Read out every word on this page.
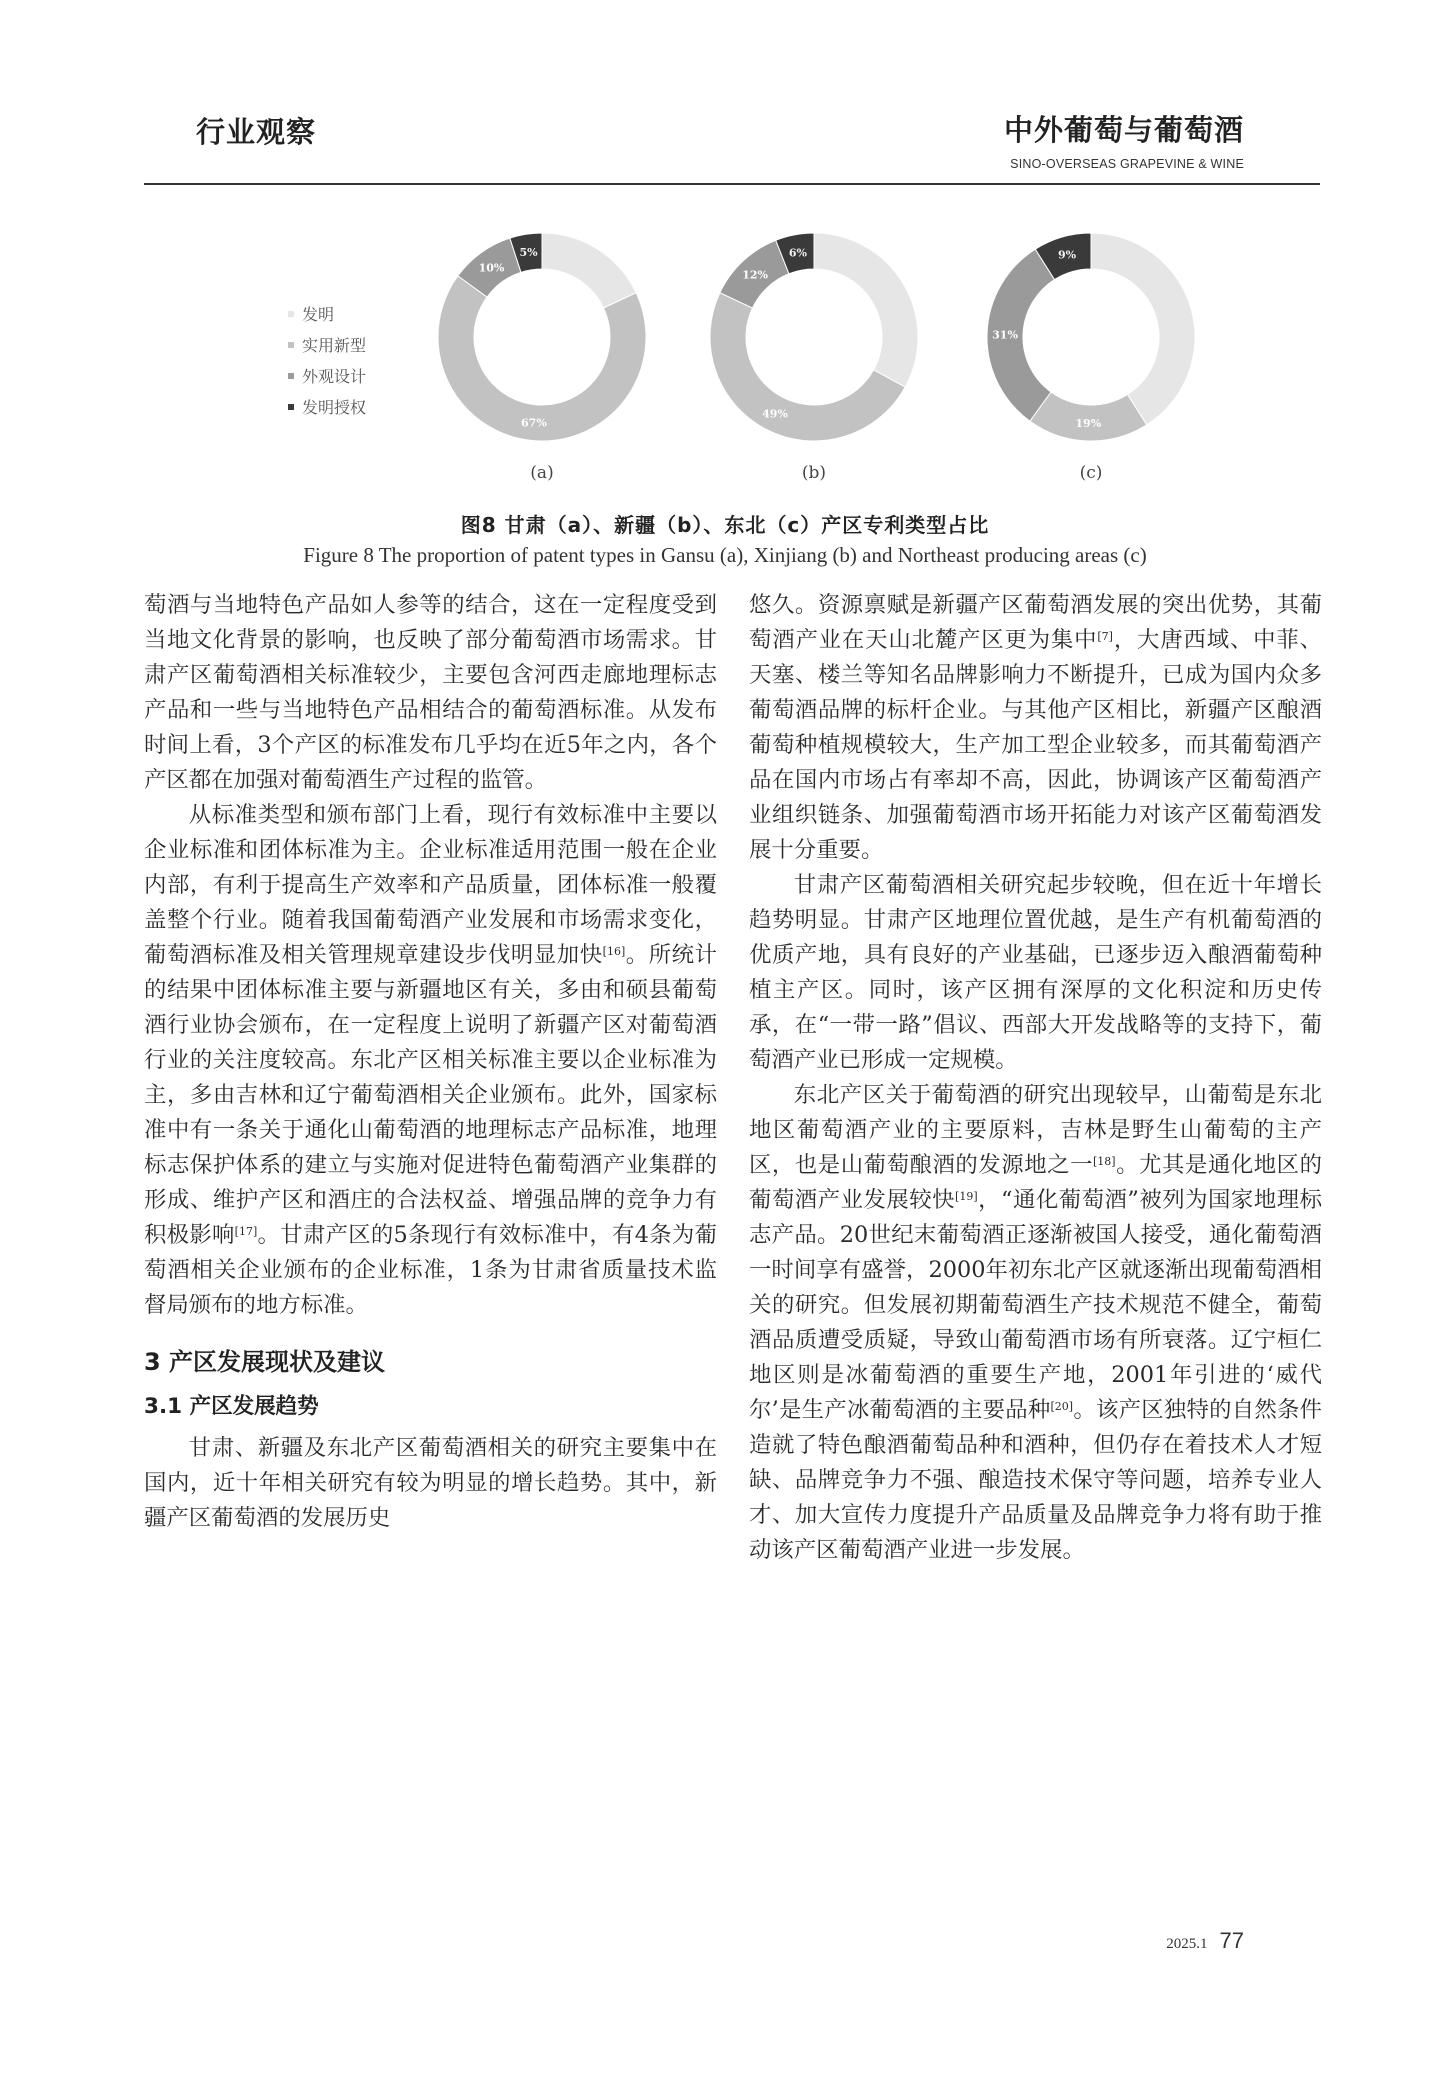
行业观察	中外葡萄与葡萄酒
SINO-OVERSEAS GRAPEVINE & WINE
发明
实用新型
外观设计
发明授权
67%
10%
5%
49%
12%
6%
19%
31%
9%
(a)	(b)	(c)
图8 甘肃（a）、新疆（b）、东北（c）产区专利类型占比
Figure 8 The proportion of patent types in Gansu (a), Xinjiang (b) and Northeast producing areas (c)

萄酒与当地特色产品如人参等的结合，这在一定程度受到当地文化背景的影响，也反映了部分葡萄酒市场需求。甘肃产区葡萄酒相关标准较少，主要包含河西走廊地理标志产品和一些与当地特色产品相结合的葡萄酒标准。从发布时间上看，3个产区的标准发布几乎均在近5年之内，各个产区都在加强对葡萄酒生产过程的监管。

从标准类型和颁布部门上看，现行有效标准中主要以企业标准和团体标准为主。企业标准适用范围一般在企业内部，有利于提高生产效率和产品质量，团体标准一般覆盖整个行业。随着我国葡萄酒产业发展和市场需求变化，葡萄酒标准及相关管理规章建设步伐明显加快[16]。所统计的结果中团体标准主要与新疆地区有关，多由和硕县葡萄酒行业协会颁布，在一定程度上说明了新疆产区对葡萄酒行业的关注度较高。东北产区相关标准主要以企业标准为主，多由吉林和辽宁葡萄酒相关企业颁布。此外，国家标准中有一条关于通化山葡萄酒的地理标志产品标准，地理标志保护体系的建立与实施对促进特色葡萄酒产业集群的形成、维护产区和酒庄的合法权益、增强品牌的竞争力有积极影响[17]。甘肃产区的5条现行有效标准中，有4条为葡萄酒相关企业颁布的企业标准，1条为甘肃省质量技术监督局颁布的地方标准。

3 产区发展现状及建议
3.1 产区发展趋势

甘肃、新疆及东北产区葡萄酒相关的研究主要集中在国内，近十年相关研究有较为明显的增长趋势。其中，新疆产区葡萄酒的发展历史

悠久。资源禀赋是新疆产区葡萄酒发展的突出优势，其葡萄酒产业在天山北麓产区更为集中[7]，大唐西域、中菲、天塞、楼兰等知名品牌影响力不断提升，已成为国内众多葡萄酒品牌的标杆企业。与其他产区相比，新疆产区酿酒葡萄种植规模较大，生产加工型企业较多，而其葡萄酒产品在国内市场占有率却不高，因此，协调该产区葡萄酒产业组织链条、加强葡萄酒市场开拓能力对该产区葡萄酒发展十分重要。

甘肃产区葡萄酒相关研究起步较晚，但在近十年增长趋势明显。甘肃产区地理位置优越，是生产有机葡萄酒的优质产地，具有良好的产业基础，已逐步迈入酿酒葡萄种植主产区。同时，该产区拥有深厚的文化积淀和历史传承，在“一带一路”倡议、西部大开发战略等的支持下，葡萄酒产业已形成一定规模。

东北产区关于葡萄酒的研究出现较早，山葡萄是东北地区葡萄酒产业的主要原料，吉林是野生山葡萄的主产区，也是山葡萄酿酒的发源地之一[18]。尤其是通化地区的葡萄酒产业发展较快[19]，“通化葡萄酒”被列为国家地理标志产品。20世纪末葡萄酒正逐渐被国人接受，通化葡萄酒一时间享有盛誉，2000年初东北产区就逐渐出现葡萄酒相关的研究。但发展初期葡萄酒生产技术规范不健全，葡萄酒品质遭受质疑，导致山葡萄酒市场有所衰落。辽宁桓仁地区则是冰葡萄酒的重要生产地，2001年引进的‘威代尔’是生产冰葡萄酒的主要品种[20]。该产区独特的自然条件造就了特色酿酒葡萄品种和酒种，但仍存在着技术人才短缺、品牌竞争力不强、酿造技术保守等问题，培养专业人才、加大宣传力度提升产品质量及品牌竞争力将有助于推动该产区葡萄酒产业进一步发展。

2025.1 77
